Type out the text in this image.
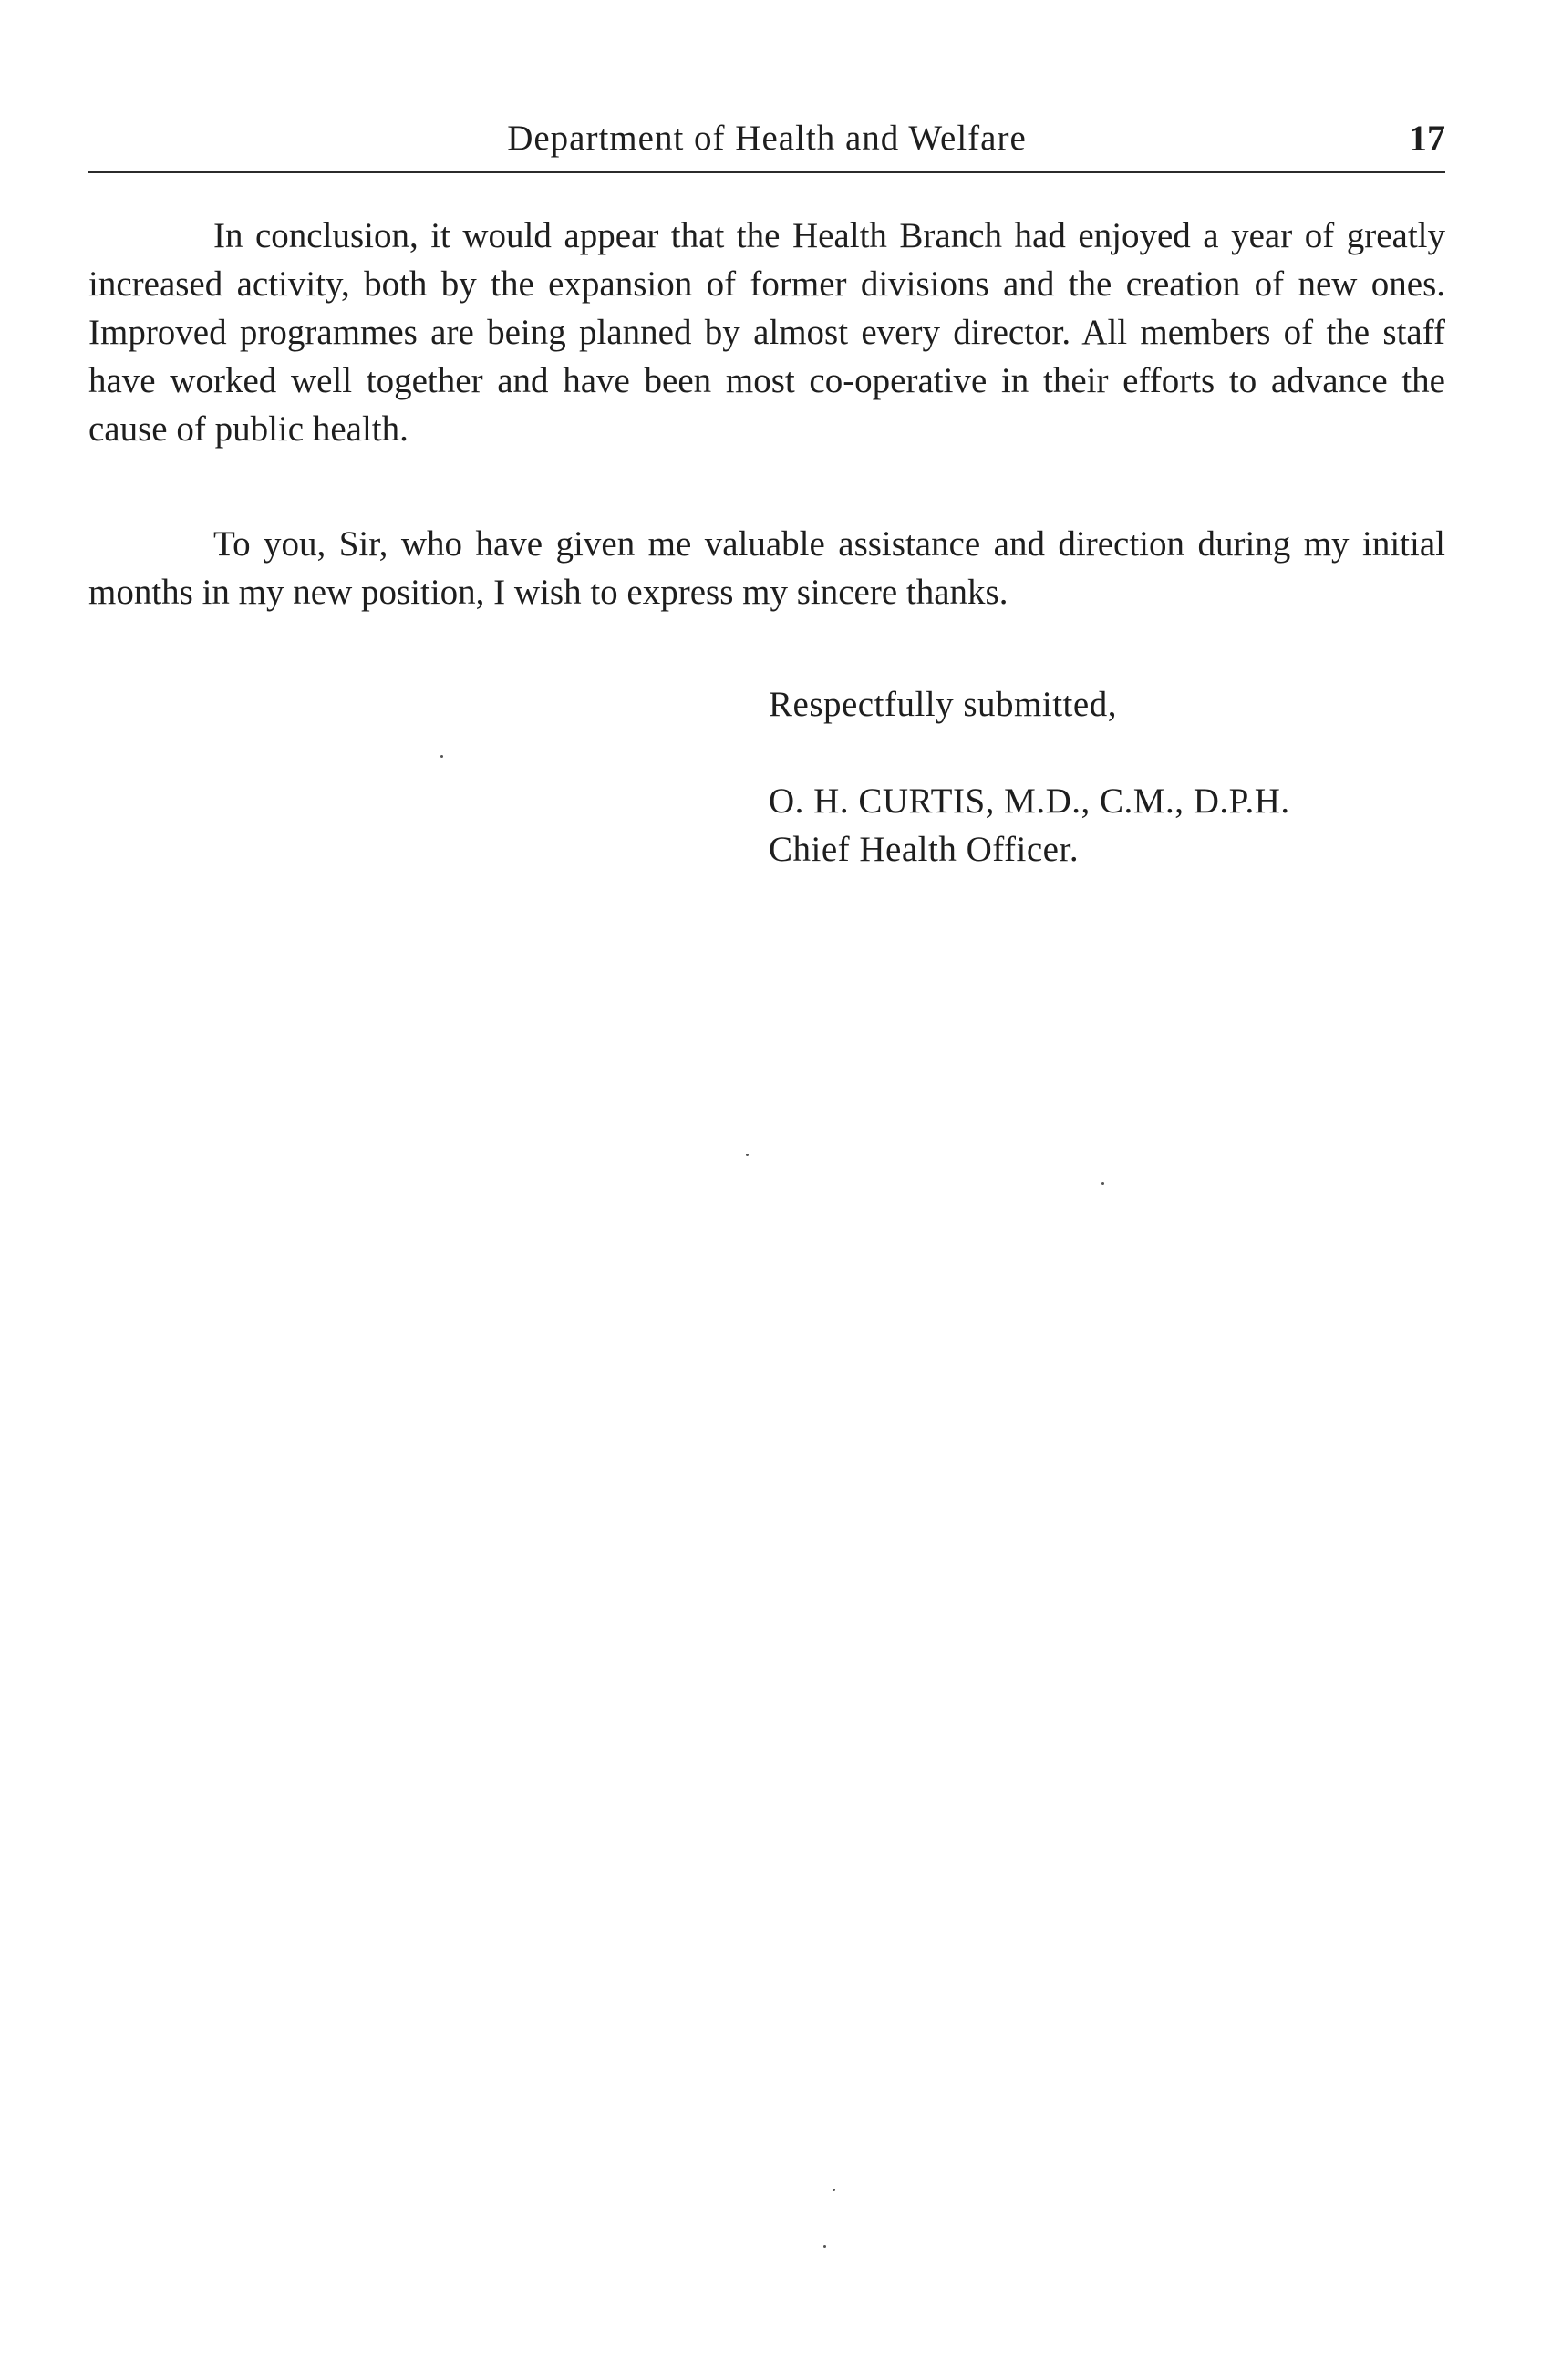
Department of Health and Welfare	17

In conclusion, it would appear that the Health Branch had enjoyed a year of greatly increased activity, both by the expansion of former divisions and the creation of new ones. Improved programmes are being planned by almost every director. All members of the staff have worked well together and have been most co-operative in their efforts to advance the cause of public health.

To you, Sir, who have given me valuable assistance and direction during my initial months in my new position, I wish to express my sincere thanks.

Respectfully submitted,

O. H. CURTIS, M.D., C.M., D.P.H.

Chief Health Officer.
